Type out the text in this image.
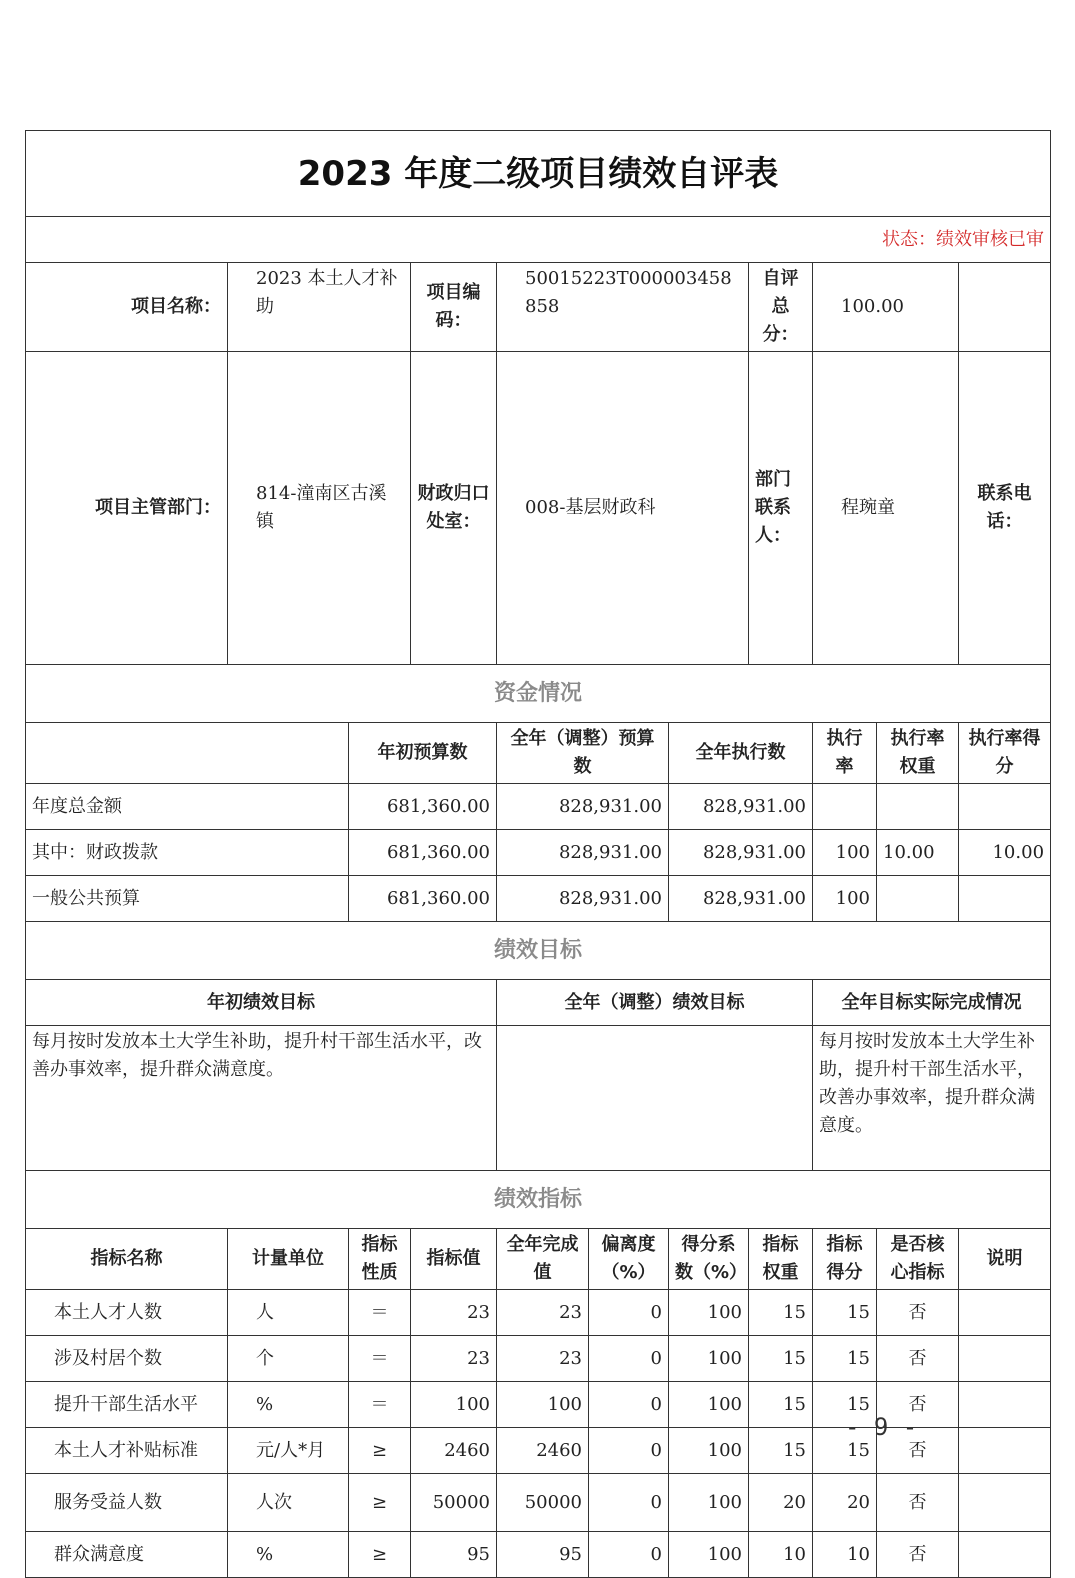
2023 年度二级项目绩效自评表											
状态：绩效审核已审											
项目名称：	2023 本土人才补助		项目编码：	50015223T000003458858			自评总分：	100.00			
项目主管部门：	814-潼南区古溪镇		财政归口处室：	008-基层财政科			部门联系人：	程琬童		联系电话：	
资金情况											
		年初预算数		全年（调整）预算数		全年执行数		执行率	执行率权重	执行率得分	
年度总金额		681,360.00		828,931.00		828,931.00					
其中：财政拨款		681,360.00		828,931.00		828,931.00		100	10.00	10.00	
一般公共预算		681,360.00		828,931.00		828,931.00		100			
绩效目标											
年初绩效目标				全年（调整）绩效目标				全年目标实际完成情况			
每月按时发放本土大学生补助，提升村干部生活水平，改善办事效率，提升群众满意度。								每月按时发放本土大学生补助，提升村干部生活水平，改善办事效率，提升群众满意度。			
绩效指标											
指标名称	计量单位	指标性质	指标值	全年完成值	偏离度（%）	得分系数（%）	指标权重	指标得分	是否核心指标	说明	
本土人才人数	人	＝	23	23	0	100	15	15	否		
涉及村居个数	个	＝	23	23	0	100	15	15	否		
提升干部生活水平	%	＝	100	100	0	100	15	15	否		
本土人才补贴标准	元/人*月	≥	2460	2460	0	100	15	15	否		
服务受益人数	人次	≥	50000	50000	0	100	20	20	否		
群众满意度	%	≥	95	95	0	100	10	10	否		
- 9 -
